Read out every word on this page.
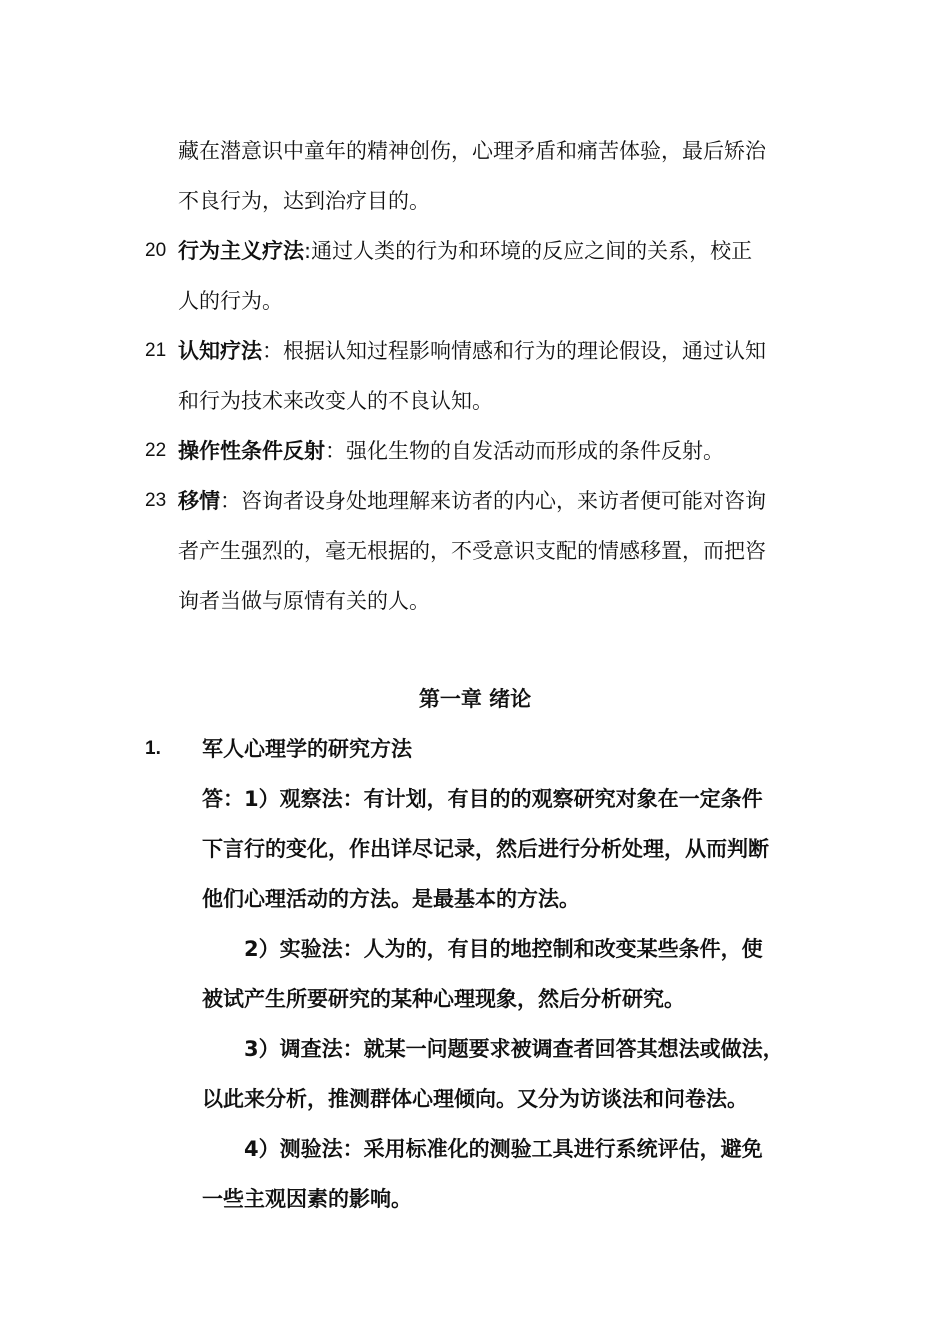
藏在潜意识中童年的精神创伤，心理矛盾和痛苦体验，最后矫治
不良行为，达到治疗目的。
20 行为主义疗法:通过人类的行为和环境的反应之间的关系，校正
人的行为。
21 认知疗法：根据认知过程影响情感和行为的理论假设，通过认知
和行为技术来改变人的不良认知。
22 操作性条件反射：强化生物的自发活动而形成的条件反射。
23 移情：咨询者设身处地理解来访者的内心，来访者便可能对咨询
者产生强烈的，毫无根据的，不受意识支配的情感移置，而把咨
询者当做与原情有关的人。
第一章 绪论
1. 军人心理学的研究方法
答：1）观察法：有计划，有目的的观察研究对象在一定条件
下言行的变化，作出详尽记录，然后进行分析处理，从而判断
他们心理活动的方法。是最基本的方法。
2）实验法：人为的，有目的地控制和改变某些条件，使
被试产生所要研究的某种心理现象，然后分析研究。
3）调查法：就某一问题要求被调查者回答其想法或做法，
以此来分析，推测群体心理倾向。又分为访谈法和问卷法。
4）测验法：采用标准化的测验工具进行系统评估，避免
一些主观因素的影响。
